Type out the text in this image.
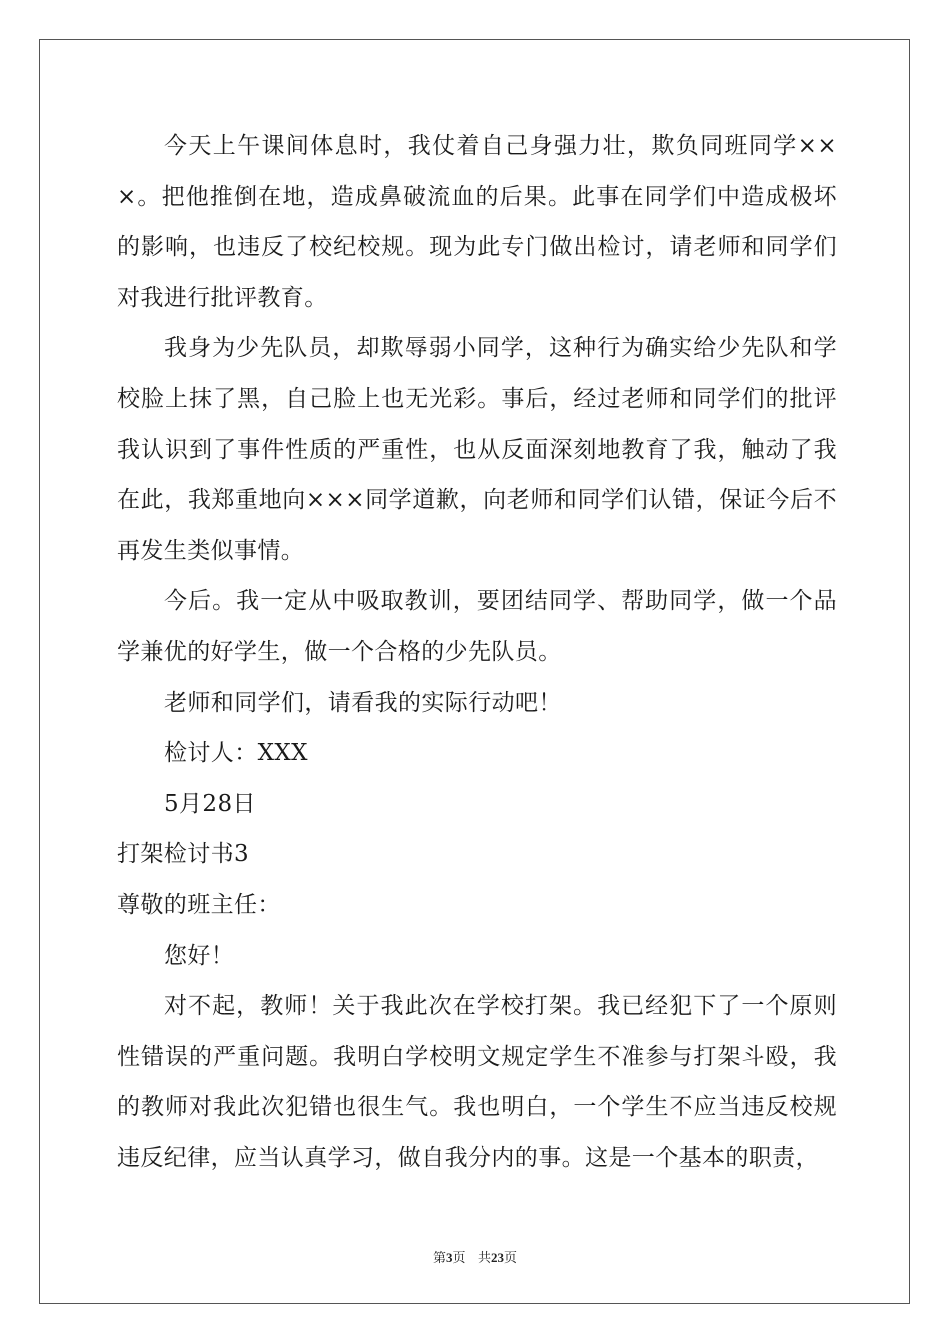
今天上午课间体息时，我仗着自己身强力壮，欺负同班同学×××。把他推倒在地，造成鼻破流血的后果。此事在同学们中造成极坏的影响，也违反了校纪校规。现为此专门做出检讨，请老师和同学们对我进行批评教育。

我身为少先队员，却欺辱弱小同学，这种行为确实给少先队和学校脸上抹了黑，自己脸上也无光彩。事后，经过老师和同学们的批评我认识到了事件性质的严重性，也从反面深刻地教育了我，触动了我在此，我郑重地向×××同学道歉，向老师和同学们认错，保证今后不再发生类似事情。

今后。我一定从中吸取教训，要团结同学、帮助同学，做一个品学兼优的好学生，做一个合格的少先队员。

老师和同学们，请看我的实际行动吧！

检讨人：XXX

5月28日

打架检讨书3

尊敬的班主任：

您好！

对不起，教师！关于我此次在学校打架。我已经犯下了一个原则性错误的严重问题。我明白学校明文规定学生不准参与打架斗殴，我的教师对我此次犯错也很生气。我也明白，一个学生不应当违反校规违反纪律，应当认真学习，做自我分内的事。这是一个基本的职责，

第3页 共23页
